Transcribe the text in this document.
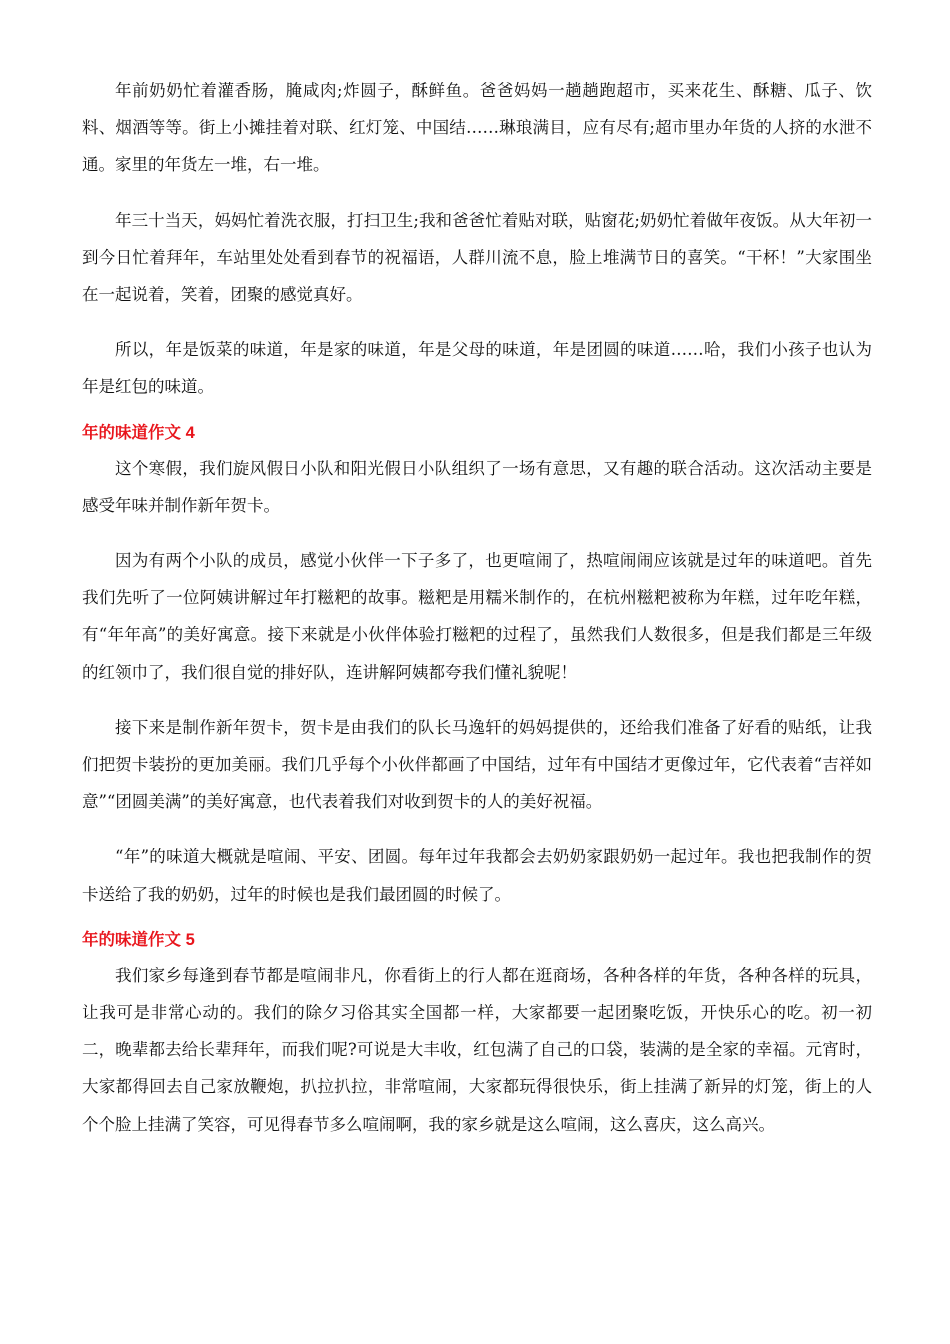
年前奶奶忙着灌香肠，腌咸肉;炸圆子，酥鲜鱼。爸爸妈妈一趟趟跑超市，买来花生、酥糖、瓜子、饮料、烟酒等等。街上小摊挂着对联、红灯笼、中国结……琳琅满目，应有尽有;超市里办年货的人挤的水泄不通。家里的年货左一堆，右一堆。

年三十当天，妈妈忙着洗衣服，打扫卫生;我和爸爸忙着贴对联，贴窗花;奶奶忙着做年夜饭。从大年初一到今日忙着拜年，车站里处处看到春节的祝福语，人群川流不息，脸上堆满节日的喜笑。“干杯！”大家围坐在一起说着，笑着，团聚的感觉真好。

所以，年是饭菜的味道，年是家的味道，年是父母的味道，年是团圆的味道……哈，我们小孩子也认为年是红包的味道。

年的味道作文 4

这个寒假，我们旋风假日小队和阳光假日小队组织了一场有意思，又有趣的联合活动。这次活动主要是感受年味并制作新年贺卡。

因为有两个小队的成员，感觉小伙伴一下子多了，也更喧闹了，热喧闹闹应该就是过年的味道吧。首先我们先听了一位阿姨讲解过年打糍粑的故事。糍粑是用糯米制作的，在杭州糍粑被称为年糕，过年吃年糕，有“年年高”的美好寓意。接下来就是小伙伴体验打糍粑的过程了，虽然我们人数很多，但是我们都是三年级的红领巾了，我们很自觉的排好队，连讲解阿姨都夸我们懂礼貌呢！

接下来是制作新年贺卡，贺卡是由我们的队长马逸轩的妈妈提供的，还给我们准备了好看的贴纸，让我们把贺卡装扮的更加美丽。我们几乎每个小伙伴都画了中国结，过年有中国结才更像过年，它代表着“吉祥如意”“团圆美满”的美好寓意，也代表着我们对收到贺卡的人的美好祝福。

“年”的味道大概就是喧闹、平安、团圆。每年过年我都会去奶奶家跟奶奶一起过年。我也把我制作的贺卡送给了我的奶奶，过年的时候也是我们最团圆的时候了。

年的味道作文 5

我们家乡每逢到春节都是喧闹非凡，你看街上的行人都在逛商场，各种各样的年货，各种各样的玩具，让我可是非常心动的。我们的除夕习俗其实全国都一样，大家都要一起团聚吃饭，开快乐心的吃。初一初二，晚辈都去给长辈拜年，而我们呢?可说是大丰收，红包满了自己的口袋，装满的是全家的幸福。元宵时，大家都得回去自己家放鞭炮，扒拉扒拉，非常喧闹，大家都玩得很快乐，街上挂满了新异的灯笼，街上的人个个脸上挂满了笑容，可见得春节多么喧闹啊，我的家乡就是这么喧闹，这么喜庆，这么高兴。
